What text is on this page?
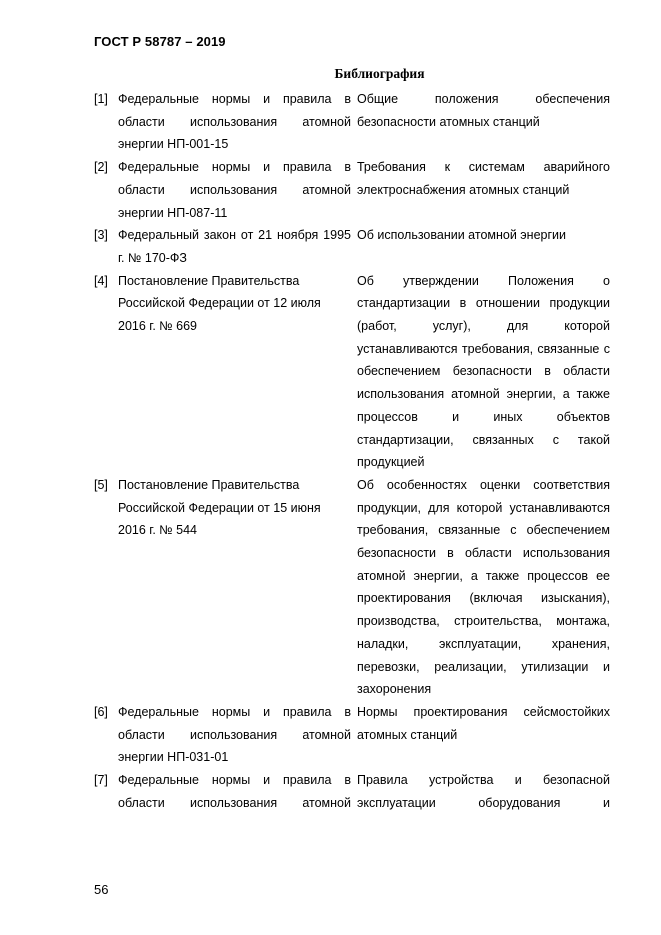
ГОСТ Р 58787 – 2019
Библиография
[1] Федеральные нормы и правила в области использования атомной энергии НП-001-15
Общие положения обеспечения безопасности атомных станций
[2] Федеральные нормы и правила в области использования атомной энергии НП-087-11
Требования к системам аварийного электроснабжения атомных станций
[3] Федеральный закон от 21 ноября 1995 г. № 170-ФЗ
Об использовании атомной энергии
[4] Постановление Правительства Российской Федерации от 12 июля 2016 г. № 669
Об утверждении Положения о стандартизации в отношении продукции (работ, услуг), для которой устанавливаются требования, связанные с обеспечением безопасности в области использования атомной энергии, а также процессов и иных объектов стандартизации, связанных с такой продукцией
[5] Постановление Правительства Российской Федерации от 15 июня 2016 г. № 544
Об особенностях оценки соответствия продукции, для которой устанавливаются требования, связанные с обеспечением безопасности в области использования атомной энергии, а также процессов ее проектирования (включая изыскания), производства, строительства, монтажа, наладки, эксплуатации, хранения, перевозки, реализации, утилизации и захоронения
[6] Федеральные нормы и правила в области использования атомной энергии НП-031-01
Нормы проектирования сейсмостойких атомных станций
[7] Федеральные нормы и правила в области использования атомной
Правила устройства и безопасной эксплуатации оборудования и
56
